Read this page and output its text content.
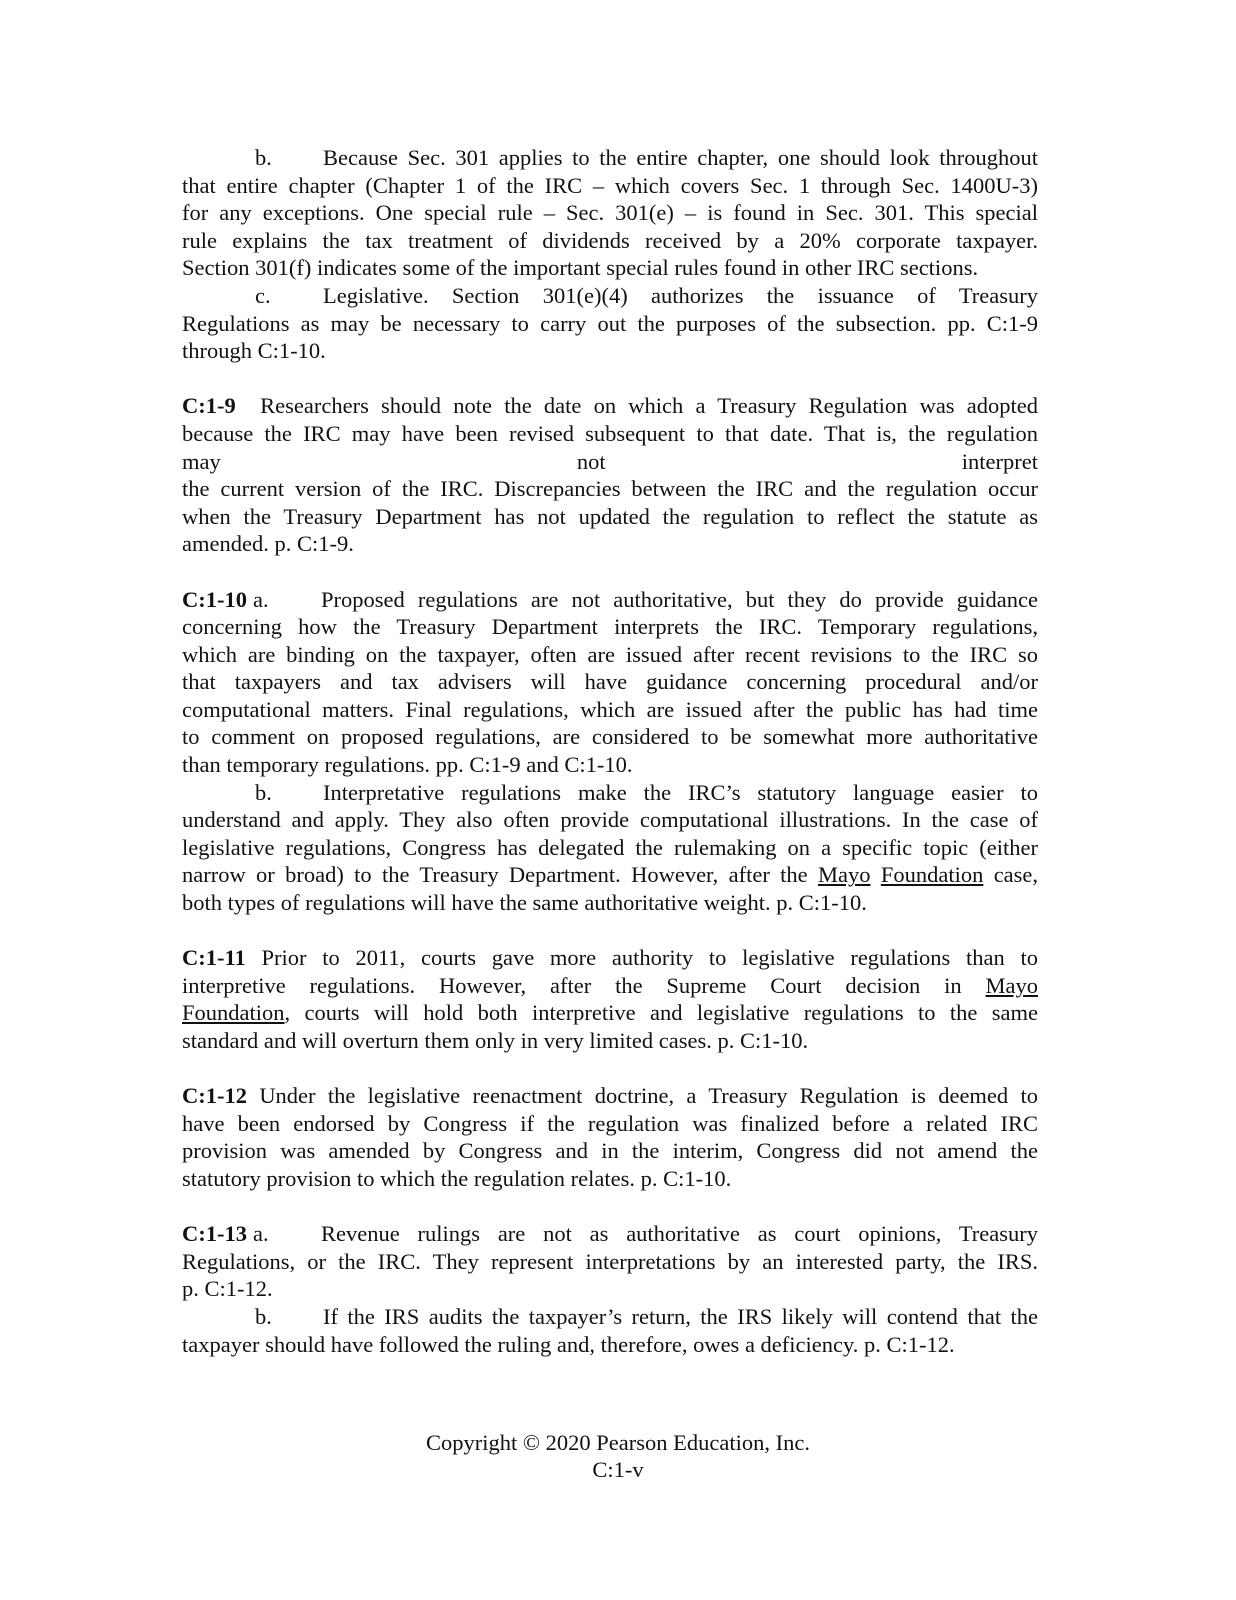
b. Because Sec. 301 applies to the entire chapter, one should look throughout
that entire chapter (Chapter 1 of the IRC – which covers Sec. 1 through Sec. 1400U-3)
for any exceptions. One special rule – Sec. 301(e) – is found in Sec. 301. This special
rule explains the tax treatment of dividends received by a 20% corporate taxpayer.
Section 301(f) indicates some of the important special rules found in other IRC sections.
c. Legislative. Section 301(e)(4) authorizes the issuance of Treasury
Regulations as may be necessary to carry out the purposes of the subsection. pp. C:1-9
through C:1-10.
C:1-9 Researchers should note the date on which a Treasury Regulation was adopted
because the IRC may have been revised subsequent to that date. That is, the regulation
may	not	interpret
the current version of the IRC. Discrepancies between the IRC and the regulation occur
when the Treasury Department has not updated the regulation to reflect the statute as
amended. p. C:1-9.
C:1-10 a. Proposed regulations are not authoritative, but they do provide guidance
concerning how the Treasury Department interprets the IRC. Temporary regulations,
which are binding on the taxpayer, often are issued after recent revisions to the IRC so
that taxpayers and tax advisers will have guidance concerning procedural and/or
computational matters. Final regulations, which are issued after the public has had time
to comment on proposed regulations, are considered to be somewhat more authoritative
than temporary regulations. pp. C:1-9 and C:1-10.
b. Interpretative regulations make the IRC’s statutory language easier to
understand and apply. They also often provide computational illustrations. In the case of
legislative regulations, Congress has delegated the rulemaking on a specific topic (either
narrow or broad) to the Treasury Department. However, after the Mayo Foundation case,
both types of regulations will have the same authoritative weight. p. C:1-10.
C:1-11 Prior to 2011, courts gave more authority to legislative regulations than to
interpretive regulations. However, after the Supreme Court decision in Mayo
Foundation, courts will hold both interpretive and legislative regulations to the same
standard and will overturn them only in very limited cases. p. C:1-10.
C:1-12 Under the legislative reenactment doctrine, a Treasury Regulation is deemed to
have been endorsed by Congress if the regulation was finalized before a related IRC
provision was amended by Congress and in the interim, Congress did not amend the
statutory provision to which the regulation relates. p. C:1-10.
C:1-13 a. Revenue rulings are not as authoritative as court opinions, Treasury
Regulations, or the IRC. They represent interpretations by an interested party, the IRS.
p. C:1-12.
b. If the IRS audits the taxpayer’s return, the IRS likely will contend that the
taxpayer should have followed the ruling and, therefore, owes a deficiency. p. C:1-12.
Copyright © 2020 Pearson Education, Inc.
C:1-v
